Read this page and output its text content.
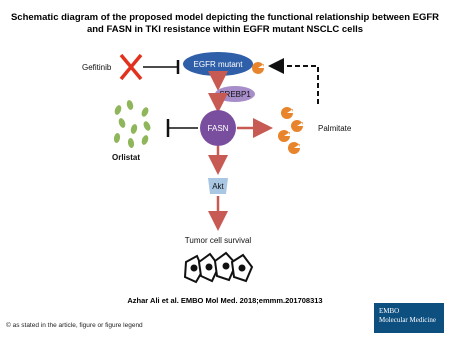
Schematic diagram of the proposed model depicting the functional relationship between EGFR
and FASN in TKI resistance within EGFR mutant NSCLC cells
Gefitinib	EGFR mutant
SREBP1
FASN
Orlistat
Palmitate
Akt
Tumor cell survival
Azhar Ali et al. EMBO Mol Med. 2018;emmm.201708313
© as stated in the article, figure or figure legend
EMBO
Molecular Medicine
